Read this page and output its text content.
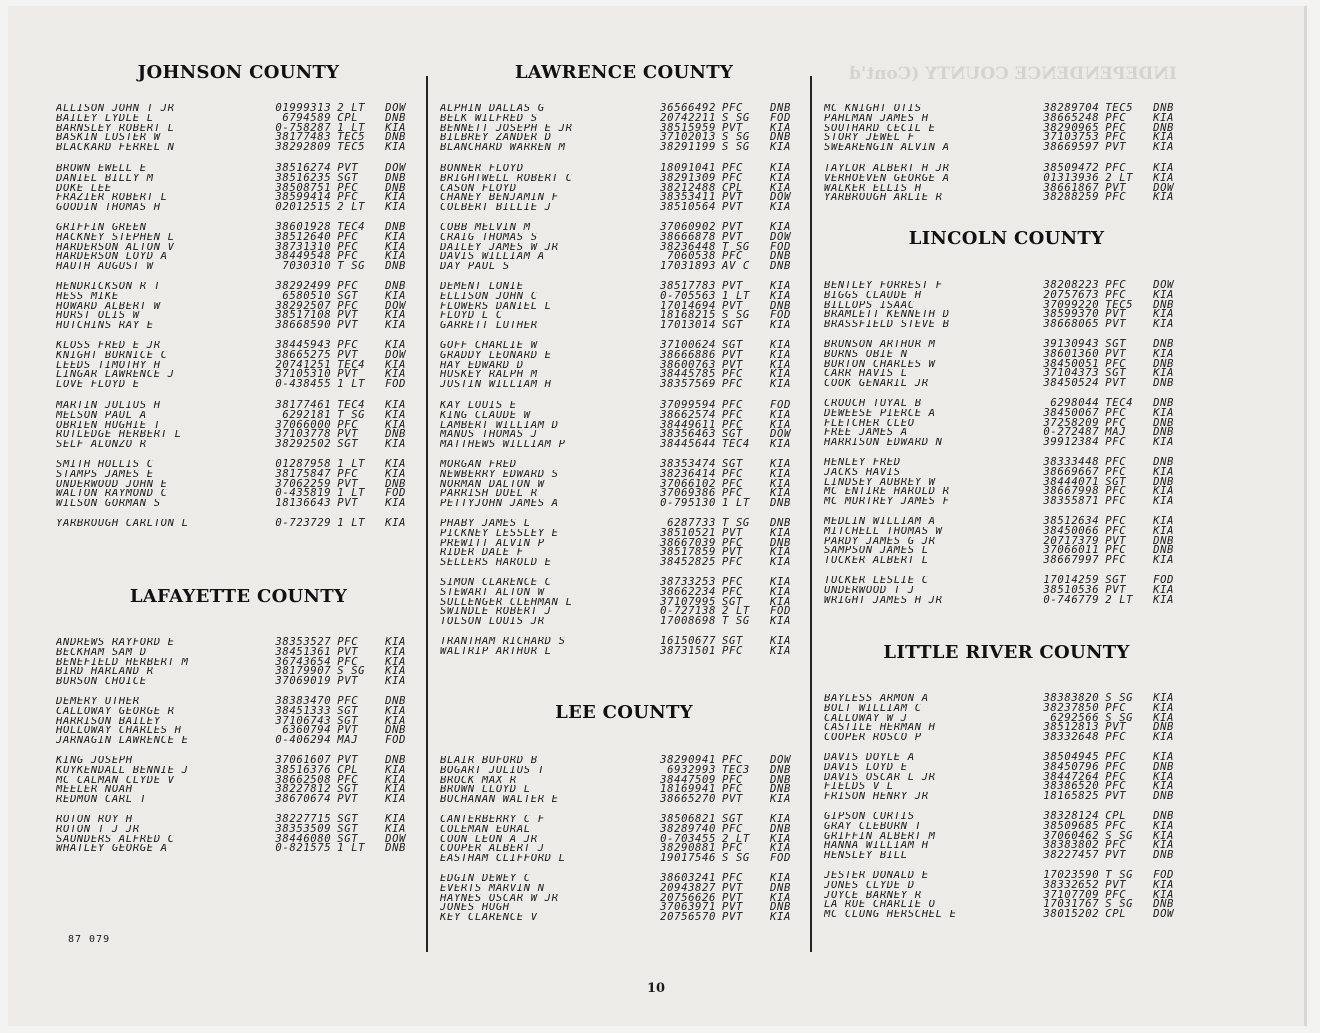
INDEPENDENCE COUNTY (Cont'd
JOHNSON COUNTY
ALLISON JOHN T JR	01999313 2 LT	DOW
BAILEY LYDLE L	6794589 CPL	DNB
BARNSLEY ROBERT L	0-758287 1 LT	KIA
BASKIN LUSTER W	38177483 TEC5	DNB
BLACKARD FERREL N	38292809 TEC5	KIA
BROWN EWELL E	38516274 PVT	DOW
DANIEL BILLY M	38516235 SGT	DNB
DOKE LEE	38508751 PFC	DNB
FRAZIER ROBERT L	38599414 PFC	KIA
GOODIN THOMAS H	02012515 2 LT	KIA
GRIFFIN GREEN	38601928 TEC4	DNB
HACKNEY STEPHEN L	38512640 PFC	KIA
HARDERSON ALTON V	38731310 PFC	KIA
HARDERSON LOYD A	38449548 PFC	KIA
HAUTH AUGUST W	7030310 T SG	DNB
HENDRICKSON R T	38292499 PFC	DNB
HESS MIKE	6580510 SGT	KIA
HOWARD ALBERT W	38292507 PFC	DOW
HURST OLIS W	38517108 PVT	KIA
HUTCHINS RAY E	38668590 PVT	KIA
KLOSS FRED E JR	38445943 PFC	KIA
KNIGHT BURNICE C	38665275 PVT	DOW
LEEDS TIMOTHY H	20741251 TEC4	KIA
LINGAR LAWRENCE J	37105310 PVT	KIA
LOVE FLOYD E	0-438455 1 LT	FOD
MARTIN JULIUS H	38177461 TEC4	KIA
MELSON PAUL A	6292181 T SG	KIA
OBRIEN HUGHIE T	37066000 PFC	KIA
RUTLEDGE HERBERT L	37103778 PVT	DNB
SELF ALONZO R	38292502 SGT	KIA
SMITH HOLLIS C	01287958 1 LT	KIA
STAMPS JAMES E	38175847 PFC	KIA
UNDERWOOD JOHN E	37062259 PVT	DNB
WALTON RAYMOND C	0-435819 1 LT	FOD
WILSON GORMAN S	18136643 PVT	KIA
YARBROUGH CARLTON L	0-723729 1 LT	KIA
LAFAYETTE COUNTY
ANDREWS RAYFORD E	38353527 PFC	KIA
BECKHAM SAM D	38451361 PVT	KIA
BENEFIELD HERBERT M	36743654 PFC	KIA
BIRD HARLAND R	38179907 S SG	KIA
BURSON CHOICE	37069019 PVT	KIA
DEMERY UTHER	38383470 PFC	DNB
CALLOWAY GEORGE R	38451333 SGT	KIA
HARRISON BAILEY	37106743 SGT	KIA
HOLLOWAY CHARLES H	6360794 PVT	DNB
JARNAGIN LAWRENCE E	0-406294 MAJ	FOD
KING JOSEPH	37061607 PVT	DNB
KUYKENDALL BENNIE J	38516376 CPL	KIA
MC CALMAN CLYDE V	38662508 PFC	KIA
MEELER NOAH	38227812 SGT	KIA
REDMON CARL T	38670674 PVT	KIA
ROTON ROY H	38227715 SGT	KIA
ROTON T J JR	38353509 SGT	KIA
SAUNDERS ALFRED C	38446080 SGT	DOW
WHATLEY GEORGE A	0-821575 1 LT	DNB
LAWRENCE COUNTY
ALPHIN DALLAS G	36566492 PFC	DNB
BELK WILFRED S	20742211 S SG	FOD
BENNETT JOSEPH E JR	38515959 PVT	KIA
BILBREY ZANDER D	37102013 S SG	DNB
BLANCHARD WARREN M	38291199 S SG	KIA
BONNER FLOYD	18091041 PFC	KIA
BRIGHTWELL ROBERT C	38291309 PFC	KIA
CASON FLOYD	38212488 CPL	KIA
CHANEY BENJAMIN F	38353411 PVT	DOW
COLBERT BILLIE J	38510564 PVT	KIA
COBB MELVIN M	37060902 PVT	KIA
CRAIG THOMAS S	38666878 PVT	DOW
DAILEY JAMES W JR	38236448 T SG	FOD
DAVIS WILLIAM A	7060538 PFC	DNB
DAY PAUL S	17031893 AV C	DNB
DEMENT LONIE	38517783 PVT	KIA
ELLISON JOHN C	0-705563 1 LT	KIA
FLOWERS DANIEL L	17014694 PVT	DNB
FLOYD L C	18168215 S SG	FOD
GARRETT LUTHER	17013014 SGT	KIA
GOFF CHARLIE W	37100624 SGT	KIA
GRADDY LEONARD E	38666886 PVT	KIA
HAY EDWARD D	38600763 PVT	KIA
HUSKEY RALPH M	38445785 PFC	KIA
JUSTIN WILLIAM H	38357569 PFC	KIA
KAY LOUIS E	37099594 PFC	FOD
KING CLAUDE W	38662574 PFC	KIA
LAMBERT WILLIAM D	38449611 PFC	KIA
MANUS THOMAS J	38356463 SGT	DOW
MATTHEWS WILLIAM P	38445644 TEC4	KIA
MORGAN FRED	38353474 SGT	KIA
NEWBERRY EDWARD S	38236414 PFC	KIA
NORMAN DALTON W	37066102 PFC	KIA
PARRISH DUEL R	37069386 PFC	KIA
PETTYJOHN JAMES A	0-795130 1 LT	DNB
PHABY JAMES L	6287733 T SG	DNB
PICKNEY LESSLEY E	38510521 PVT	KIA
PREWITT ALVIN P	38667039 PFC	DNB
RIDER DALE F	38517859 PVT	KIA
SELLERS HAROLD E	38452825 PFC	KIA
SIMON CLARENCE C	38733253 PFC	KIA
STEWART ALTON W	38662234 PFC	KIA
SULLENGER CLEHMAN L	37107995 SGT	KIA
SWINDLE ROBERT J	0-727138 2 LT	FOD
TOLSON LOUIS JR	17008698 T SG	KIA
TRANTHAM RICHARD S	16150677 SGT	KIA
WALTRIP ARTHUR L	38731501 PFC	KIA
LEE COUNTY
BLAIR BUFORD B	38290941 PFC	DOW
BOGART JULIUS T	6932993 TEC3	DNB
BROCK MAX R	38447509 PFC	DNB
BROWN LLOYD L	18169941 PFC	DNB
BUCHANAN WALTER E	38665270 PVT	KIA
CANTERBERRY C F	38506821 SGT	KIA
COLEMAN EURAL	38289740 PFC	DNB
COON LEON A JR	0-703455 2 LT	KIA
COOPER ALBERT J	38290881 PFC	KIA
EASTHAM CLIFFORD L	19017546 S SG	FOD
EDGIN DEWEY C	38603241 PFC	KIA
EVERTS MARVIN N	20943827 PVT	DNB
HAYNES OSCAR W JR	20756626 PVT	KIA
JONES HUGH	37063971 PVT	DNB
KEY CLARENCE V	20756570 PVT	KIA
MC KNIGHT OTIS	38289704 TEC5	DNB
PAHLMAN JAMES H	38665248 PFC	KIA
SOUTHARD CECIL E	38290965 PFC	DNB
STORY JEWEL F	37103753 PFC	KIA
SWEARENGIN ALVIN A	38669597 PVT	KIA
TAYLOR ALBERT H JR	38509472 PFC	KIA
VERHOEVEN GEORGE A	01313936 2 LT	KIA
WALKER ELLIS H	38661867 PVT	DOW
YARBROUGH ARLIE R	38288259 PFC	KIA
LINCOLN COUNTY
BENTLEY FORREST F	38208223 PFC	DOW
BIGGS CLAUDE H	20757673 PFC	KIA
BILLOPS ISAAC	37099220 TEC5	DNB
BRAMLETT KENNETH D	38599370 PVT	KIA
BRASSFIELD STEVE B	38668065 PVT	KIA
BRUNSON ARTHUR M	39130943 SGT	DNB
BURNS OBIE N	38601360 PVT	KIA
BURTON CHARLES W	38450051 PFC	DNB
CARR HAVIS L	37104373 SGT	KIA
COOK GENARIL JR	38450524 PVT	DNB
CROUCH TUYAL B	6298044 TEC4	DNB
DEWEESE PIERCE A	38450067 PFC	KIA
FLETCHER CLEO	37258209 PFC	DNB
FREE JAMES A	0-272487 MAJ	DNB
HARRISON EDWARD N	39912384 PFC	KIA
HENLEY FRED	38333448 PFC	DNB
JACKS HAVIS	38669667 PFC	KIA
LINDSEY AUBREY W	38444071 SGT	DNB
MC ENTIRE HAROLD R	38667998 PFC	KIA
MC MURTREY JAMES F	38355871 PFC	KIA
MEDLIN WILLIAM A	38512634 PFC	KIA
MITCHELL THOMAS W	38450066 PFC	KIA
PARDY JAMES G JR	20717379 PVT	DNB
SAMPSON JAMES L	37066011 PFC	DNB
TUCKER ALBERT L	38667997 PFC	KIA
TUCKER LESLIE C	17014259 SGT	FOD
UNDERWOOD T J	38510536 PVT	KIA
WRIGHT JAMES H JR	0-746779 2 LT	KIA
LITTLE RIVER COUNTY
BAYLESS ARMON A	38383820 S SG	KIA
BOLT WILLIAM C	38237850 PFC	KIA
CALLOWAY W J	6292566 S SG	KIA
CASTILE HERMAN H	38512813 PVT	DNB
COOPER ROSCO P	38332648 PFC	KIA
DAVIS DOYLE A	38504945 PFC	KIA
DAVIS LOYD E	38450796 PFC	DNB
DAVIS OSCAR L JR	38447264 PFC	KIA
FIELDS V L	38386520 PFC	KIA
FRISON HENRY JR	18165825 PVT	DNB
GIPSON CURTIS	38328124 CPL	DNB
GRAY CLEBURN T	38509685 PFC	KIA
GRIFFIN ALBERT M	37060462 S SG	KIA
HANNA WILLIAM H	38383802 PFC	KIA
HENSLEY BILL	38227457 PVT	DNB
JESTER DONALD E	17023590 T SG	FOD
JONES CLYDE D	38332652 PVT	KIA
JOYCE BARNEY R	37107709 PFC	KIA
LA RUE CHARLIE O	17031767 S SG	DNB
MC CLUNG HERSCHEL E	38015202 CPL	DOW
87 079
10
